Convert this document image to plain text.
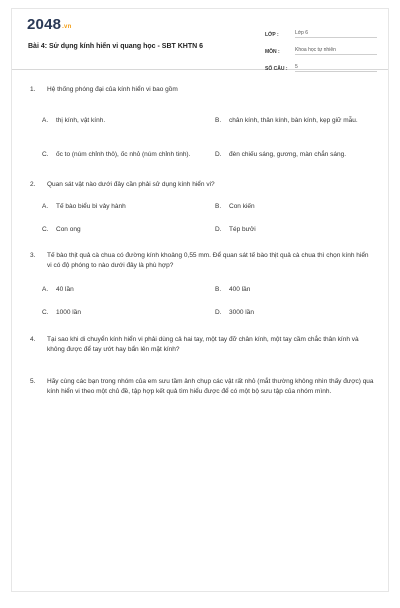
2048.vn
Bài 4: Sử dụng kính hiển vi quang học - SBT KHTN 6
LỚP :	Lớp 6
MÔN :	Khoa học tự nhiên
SỐ CÂU :	5
1. Hệ thống phóng đại của kính hiển vi bao gồm
A.	thị kính, vật kính.	B.	chân kính, thân kính, bàn kính, kẹp giữ mẫu.
C.	ốc to (núm chỉnh thô), ốc nhỏ (núm chỉnh tinh).	D.	đèn chiếu sáng, gương, màn chắn sáng.
2. Quan sát vật nào dưới đây cần phải sử dụng kính hiển vi?
A. Tế bào biểu bì vảy hành	B. Con kiến
C. Con ong	D. Tép bưởi
3. Tế bào thịt quả cà chua có đường kính khoảng 0,55 mm. Để quan sát tế bào thịt quả cà chua thì chọn kính hiển vi có độ phóng to nào dưới đây là phù hợp?
A. 40 lần	B. 400 lần
C. 1000 lần	D. 3000 lần
4. Tại sao khi di chuyển kính hiển vi phải dùng cả hai tay, một tay đỡ chân kính, một tay cầm chắc thân kính và không được để tay ướt hay bẩn lên mặt kính?
5. Hãy cùng các bạn trong nhóm của em sưu tầm ảnh chụp các vật rất nhỏ (mắt thường không nhìn thấy được) qua kính hiển vi theo một chủ đề, tập hợp kết quả tìm hiểu được để có một bộ sưu tập của nhóm mình.
